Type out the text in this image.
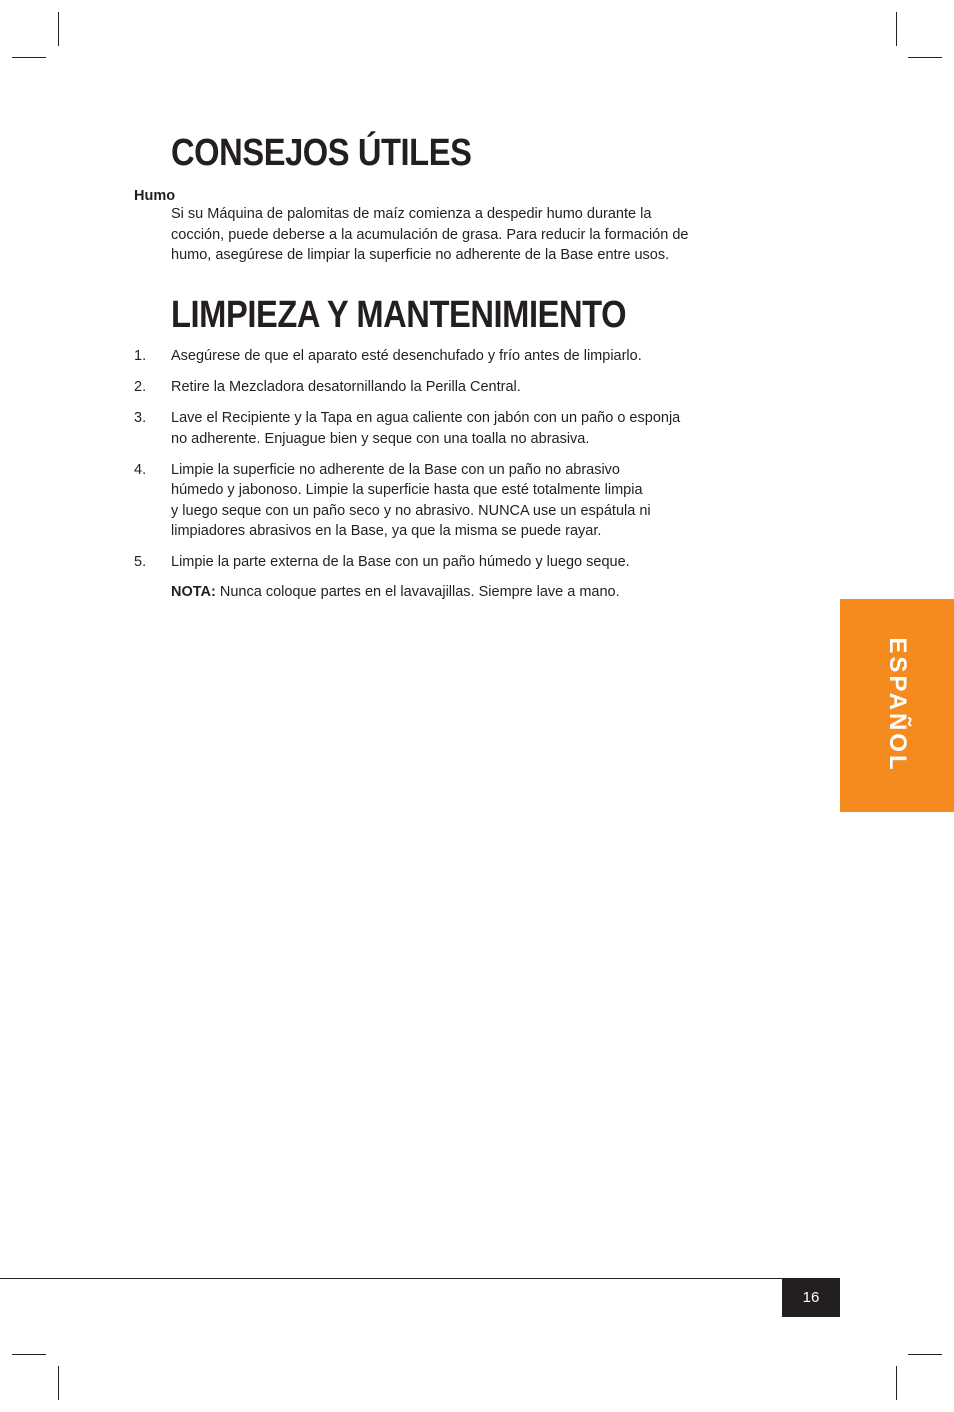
CONSEJOS ÚTILES
Humo

Si su Máquina de palomitas de maíz comienza a despedir humo durante la
cocción, puede deberse a la acumulación de grasa. Para reducir la formación de
humo, asegúrese de limpiar la superficie no adherente de la Base entre usos.

LIMPIEZA Y MANTENIMIENTO
1. Asegúrese de que el aparato esté desenchufado y frío antes de limpiarlo.
2. Retire la Mezcladora desatornillando la Perilla Central.
3. Lave el Recipiente y la Tapa en agua caliente con jabón con un paño o esponja
no adherente. Enjuague bien y seque con una toalla no abrasiva.
4. Limpie la superficie no adherente de la Base con un paño no abrasivo
húmedo y jabonoso. Limpie la superficie hasta que esté totalmente limpia
y luego seque con un paño seco y no abrasivo. NUNCA use un espátula ni
limpiadores abrasivos en la Base, ya que la misma se puede rayar.
5. Limpie la parte externa de la Base con un paño húmedo y luego seque.

NOTA: Nunca coloque partes en el lavavajillas. Siempre lave a mano.

ESPAÑOL
16
